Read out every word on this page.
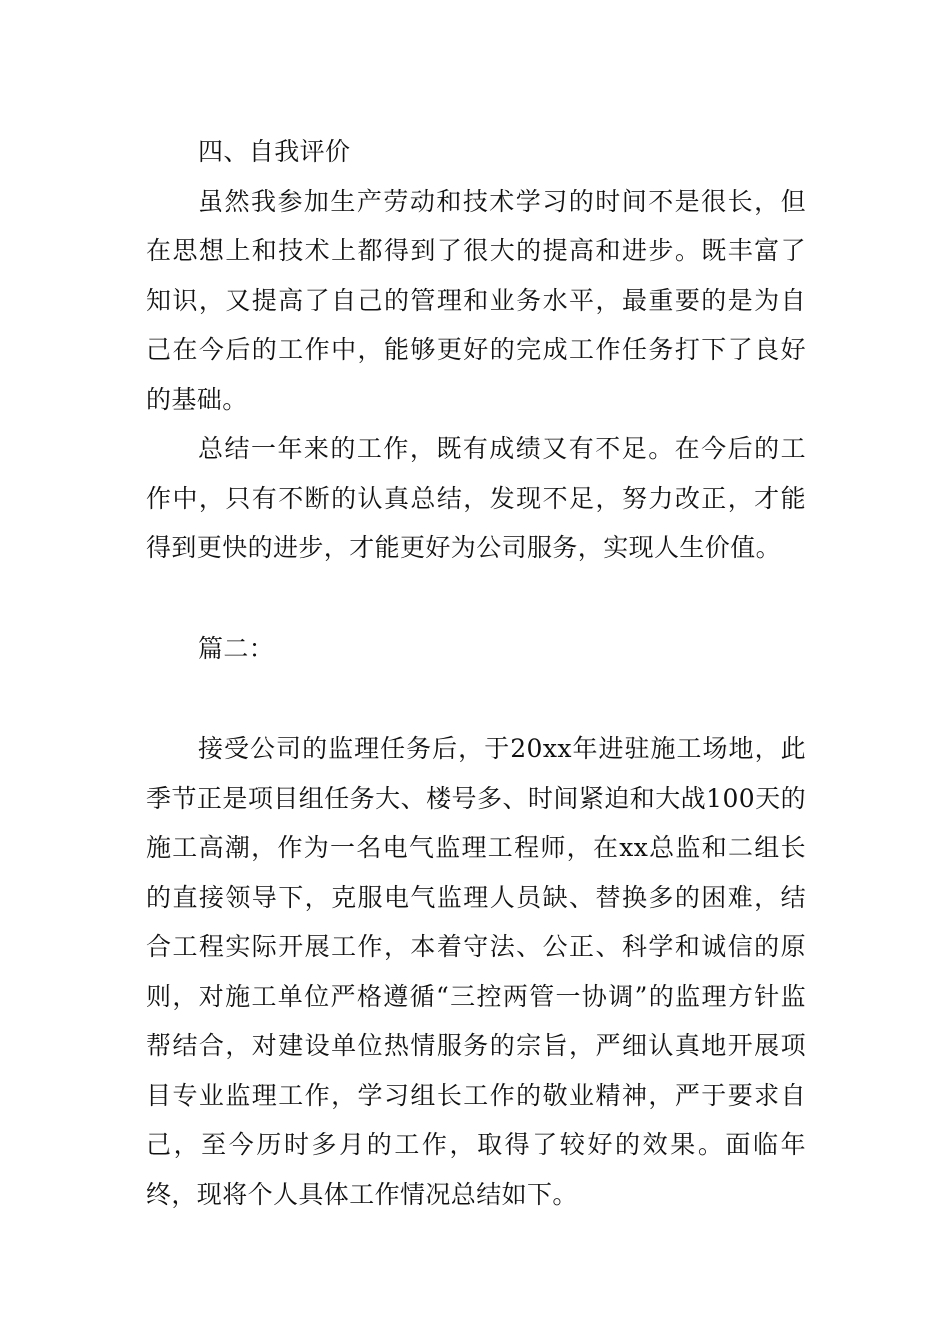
四、自我评价

虽然我参加生产劳动和技术学习的时间不是很长，但在思想上和技术上都得到了很大的提高和进步。既丰富了知识，又提高了自己的管理和业务水平，最重要的是为自己在今后的工作中，能够更好的完成工作任务打下了良好的基础。

总结一年来的工作，既有成绩又有不足。在今后的工作中，只有不断的认真总结，发现不足，努力改正，才能得到更快的进步，才能更好为公司服务，实现人生价值。

篇二：

接受公司的监理任务后，于20xx年进驻施工场地，此季节正是项目组任务大、楼号多、时间紧迫和大战100天的施工高潮，作为一名电气监理工程师，在xx总监和二组长的直接领导下，克服电气监理人员缺、替换多的困难，结合工程实际开展工作，本着守法、公正、科学和诚信的原则，对施工单位严格遵循“三控两管一协调”的监理方针监帮结合，对建设单位热情服务的宗旨，严细认真地开展项目专业监理工作，学习组长工作的敬业精神，严于要求自己，至今历时多月的工作，取得了较好的效果。面临年终，现将个人具体工作情况总结如下。
